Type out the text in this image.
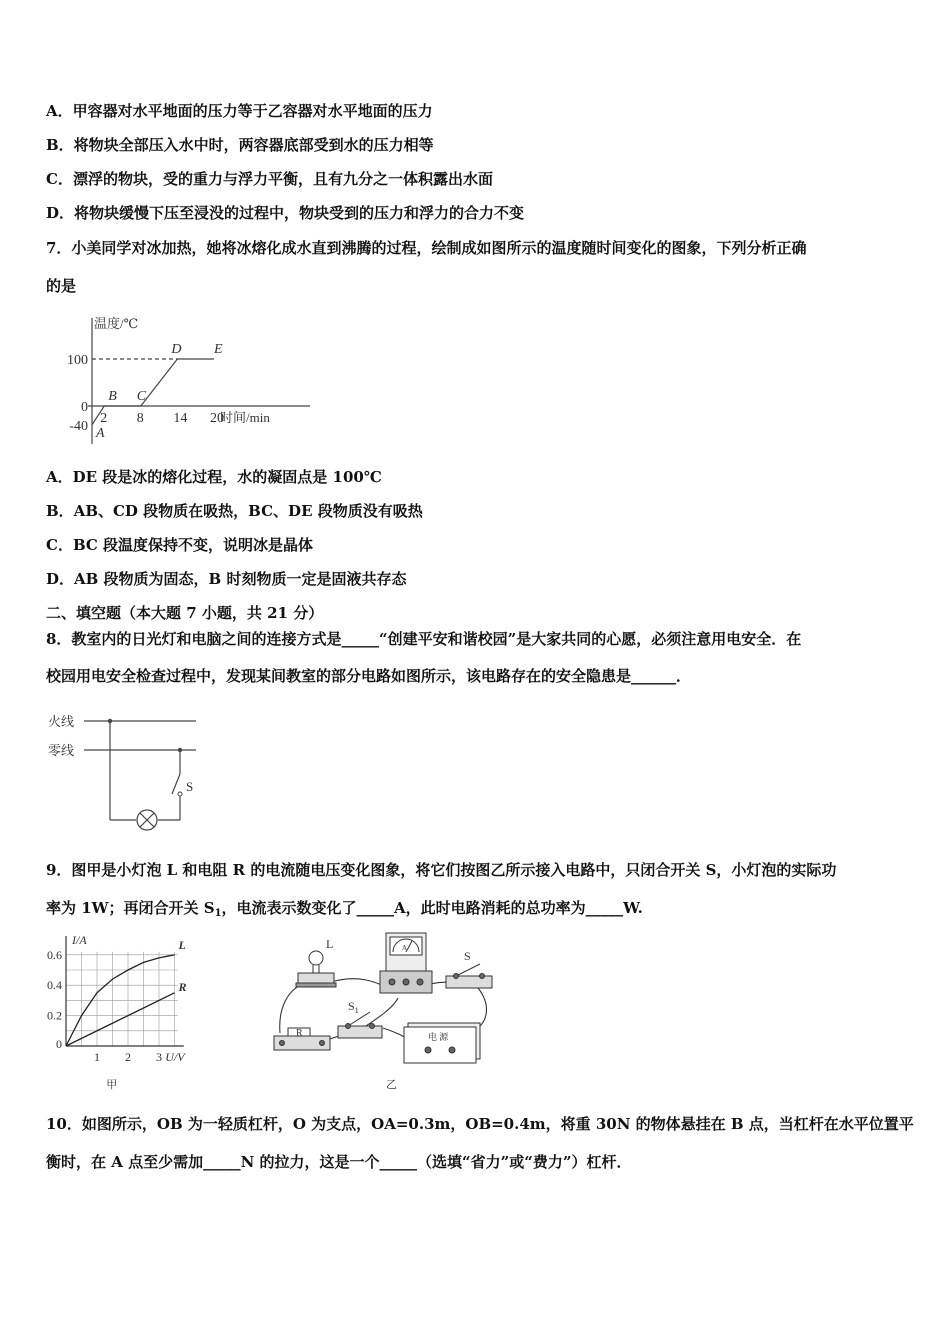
A．甲容器对水平地面的压力等于乙容器对水平地面的压力
B．将物块全部压入水中时，两容器底部受到水的压力相等
C．漂浮的物块，受的重力与浮力平衡，且有九分之一体积露出水面
D．将物块缓慢下压至浸没的过程中，物块受到的压力和浮力的合力不变
7．小美同学对冰加热，她将冰熔化成水直到沸腾的过程，绘制成如图所示的温度随时间变化的图象，下列分析正确
的是
A
B C
D E
2 8 14 20
100
0
-40
温度/℃
时间/min
A．DE 段是冰的熔化过程，水的凝固点是 100℃
B．AB、CD 段物质在吸热，BC、DE 段物质没有吸热
C．BC 段温度保持不变，说明冰是晶体
D．AB 段物质为固态，B 时刻物质一定是固液共存态
二、填空题（本大题 7 小题，共 21 分）
8．教室内的日光灯和电脑之间的连接方式是_____“创建平安和谐校园”是大家共同的心愿，必须注意用电安全．在
校园用电安全检查过程中，发现某间教室的部分电路如图所示，该电路存在的安全隐患是______．
火线
零线
S
9．图甲是小灯泡 L 和电阻 R 的电流随电压变化图象，将它们按图乙所示接入电路中，只闭合开关 S，小灯泡的实际功
率为 1W；再闭合开关 $S_1$，电流表示数变化了_____A，此时电路消耗的总功率为_____W.
L
R
0.6
0.4
0.2
0
1 2 3
I/A
U/V
甲
L	A
S
$S_1$
R	电 源
乙
10．如图所示，OB 为一轻质杠杆，O 为支点，OA=0.3m，OB=0.4m，将重 30N 的物体悬挂在 B 点，当杠杆在水平位置平
衡时，在 A 点至少需加_____N 的拉力，这是一个_____（选填“省力”或“费力”）杠杆．
